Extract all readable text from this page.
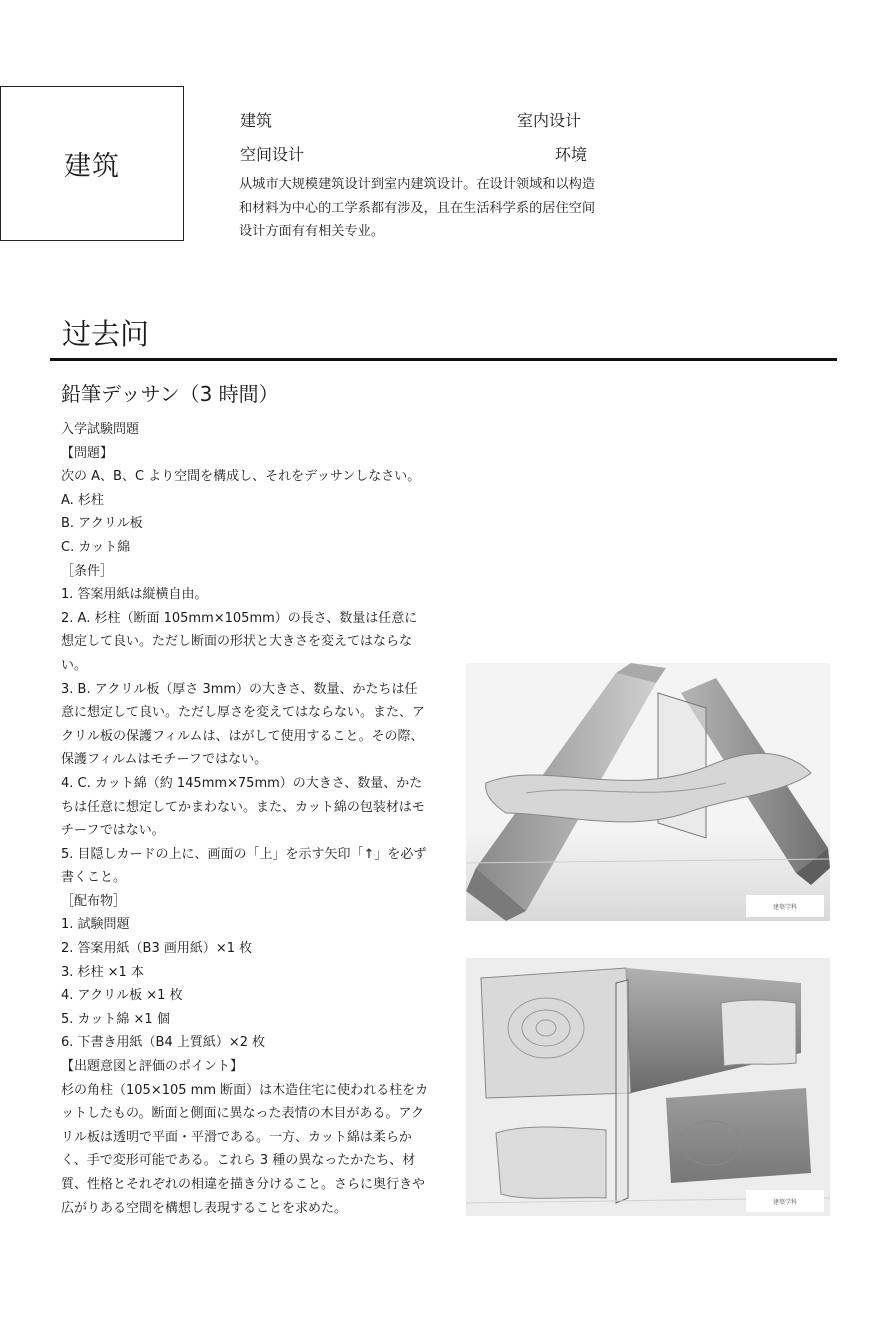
建筑
建筑	室内设计
空间设计	环境

从城市大规模建筑设计到室内建筑设计。在设计领域和以构造和材料为中心的工学系都有涉及，且在生活科学系的居住空间设计方面有有相关专业。

过去问
鉛筆デッサン（3 時間）

入学試験問題

【問題】

次の A、B、C より空間を構成し、それをデッサンしなさい。

A. 杉柱

B. アクリル板

C. カット綿

［条件］

1. 答案用紙は縦横自由。

2. A. 杉柱（断面 105mm×105mm）の長さ、数量は任意に想定して良い。ただし断面の形状と大きさを変えてはならない。

3. B. アクリル板（厚さ 3mm）の大きさ、数量、かたちは任意に想定して良い。ただし厚さを変えてはならない。また、アクリル板の保護フィルムは、はがして使用すること。その際、保護フィルムはモチーフではない。

4. C. カット綿（約 145mm×75mm）の大きさ、数量、かたちは任意に想定してかまわない。また、カット綿の包装材はモチーフではない。

5. 目隠しカードの上に、画面の「上」を示す矢印「↑」を必ず書くこと。

［配布物］

1. 試験問題

2. 答案用紙（B3 画用紙）×1 枚

3. 杉柱 ×1 本

4. アクリル板 ×1 枚

5. カット綿 ×1 個

6. 下書き用紙（B4 上質紙）×2 枚

【出題意図と評価のポイント】

杉の角柱（105×105 mm 断面）は木造住宅に使われる柱をカットしたもの。断面と側面に異なった表情の木目がある。アクリル板は透明で平面・平滑である。一方、カット綿は柔らかく、手で変形可能である。これら 3 種の異なったかたち、材質、性格とそれぞれの相違を描き分けること。さらに奥行きや広がりある空間を構想し表現することを求めた。

建築学科
建築学科
